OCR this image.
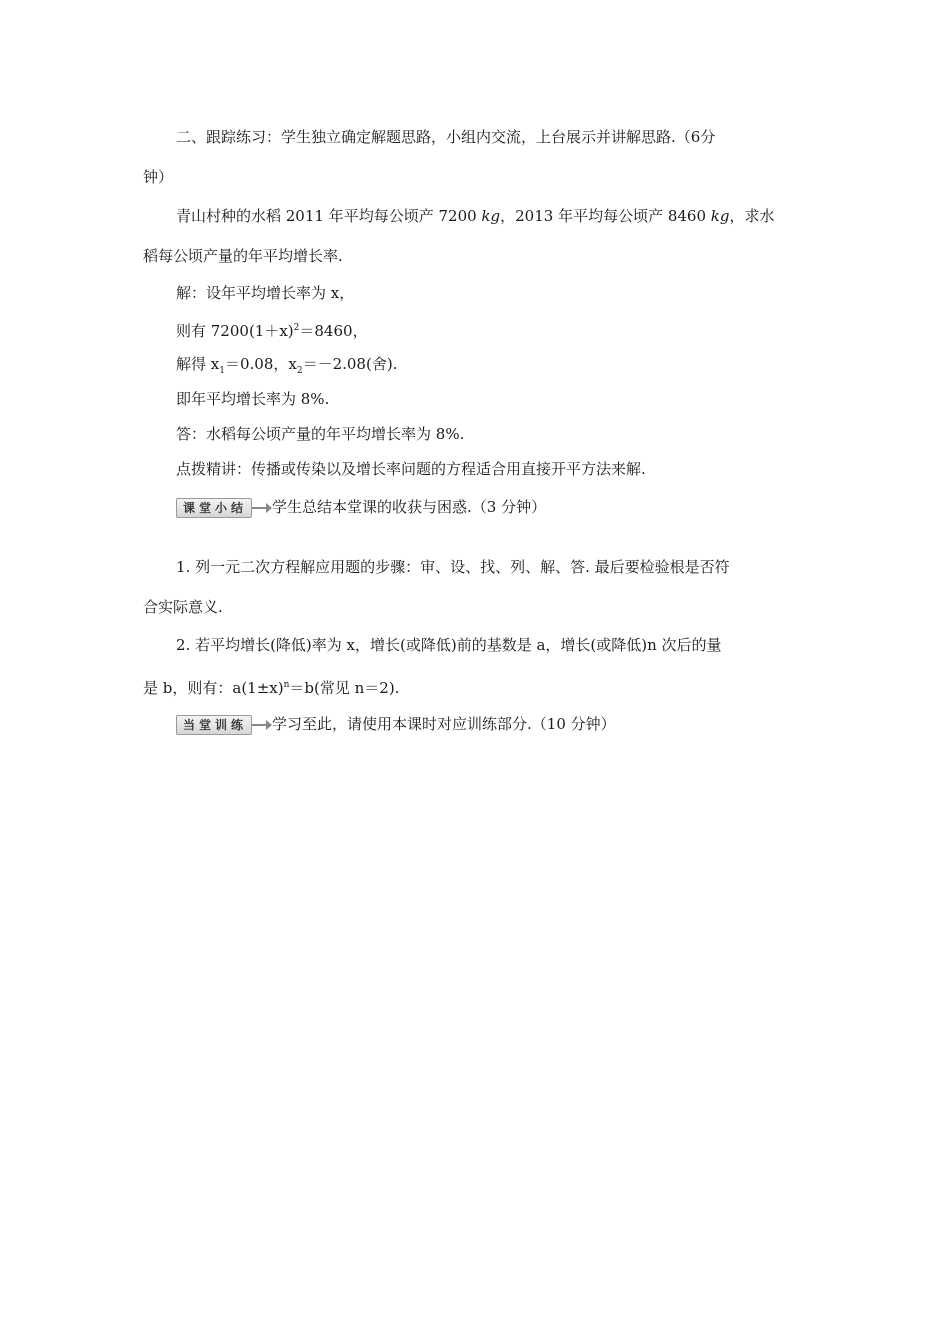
二、跟踪练习：学生独立确定解题思路，小组内交流，上台展示并讲解思路.（6分
钟）
青山村种的水稻 2011 年平均每公顷产 7200 kg，2013 年平均每公顷产 8460 kg，求水
稻每公顷产量的年平均增长率.
解：设年平均增长率为 x，
则有 $7200(1+x)^2=8460$，
解得 $x_1=0.08$，$x_2=-2.08$(舍).
即年平均增长率为 8%.
答：水稻每公顷产量的年平均增长率为 8%.
点拨精讲：传播或传染以及增长率问题的方程适合用直接开平方法来解.
课堂小结 学生总结本堂课的收获与困惑.（3 分钟）
1. 列一元二次方程解应用题的步骤：审、设、找、列、解、答. 最后要检验根是否符
合实际意义.
2. 若平均增长(降低)率为 x，增长(或降低)前的基数是 a，增长(或降低)n 次后的量
是 b，则有：$a(1\pm x)^n=b$(常见 n＝2).
当堂训练 学习至此，请使用本课时对应训练部分.（10 分钟）
